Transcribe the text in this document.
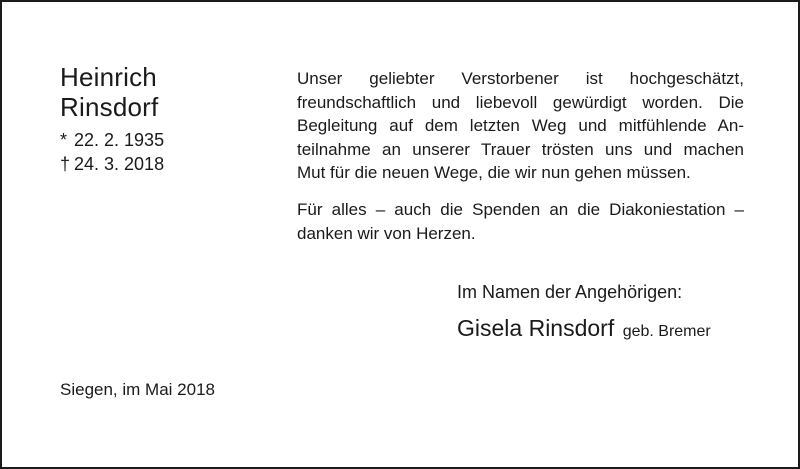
Heinrich
Rinsdorf
* 22. 2. 1935
† 24. 3. 2018
Unser geliebter Verstorbener ist hochgeschätzt,
freundschaftlich und liebevoll gewürdigt worden. Die
Begleitung auf dem letzten Weg und mitfühlende An-
teilnahme an unserer Trauer trösten uns und machen
Mut für die neuen Wege, die wir nun gehen müssen.
Für alles – auch die Spenden an die Diakoniestation –
danken wir von Herzen.
Im Namen der Angehörigen:
Gisela Rinsdorf geb. Bremer
Siegen, im Mai 2018
